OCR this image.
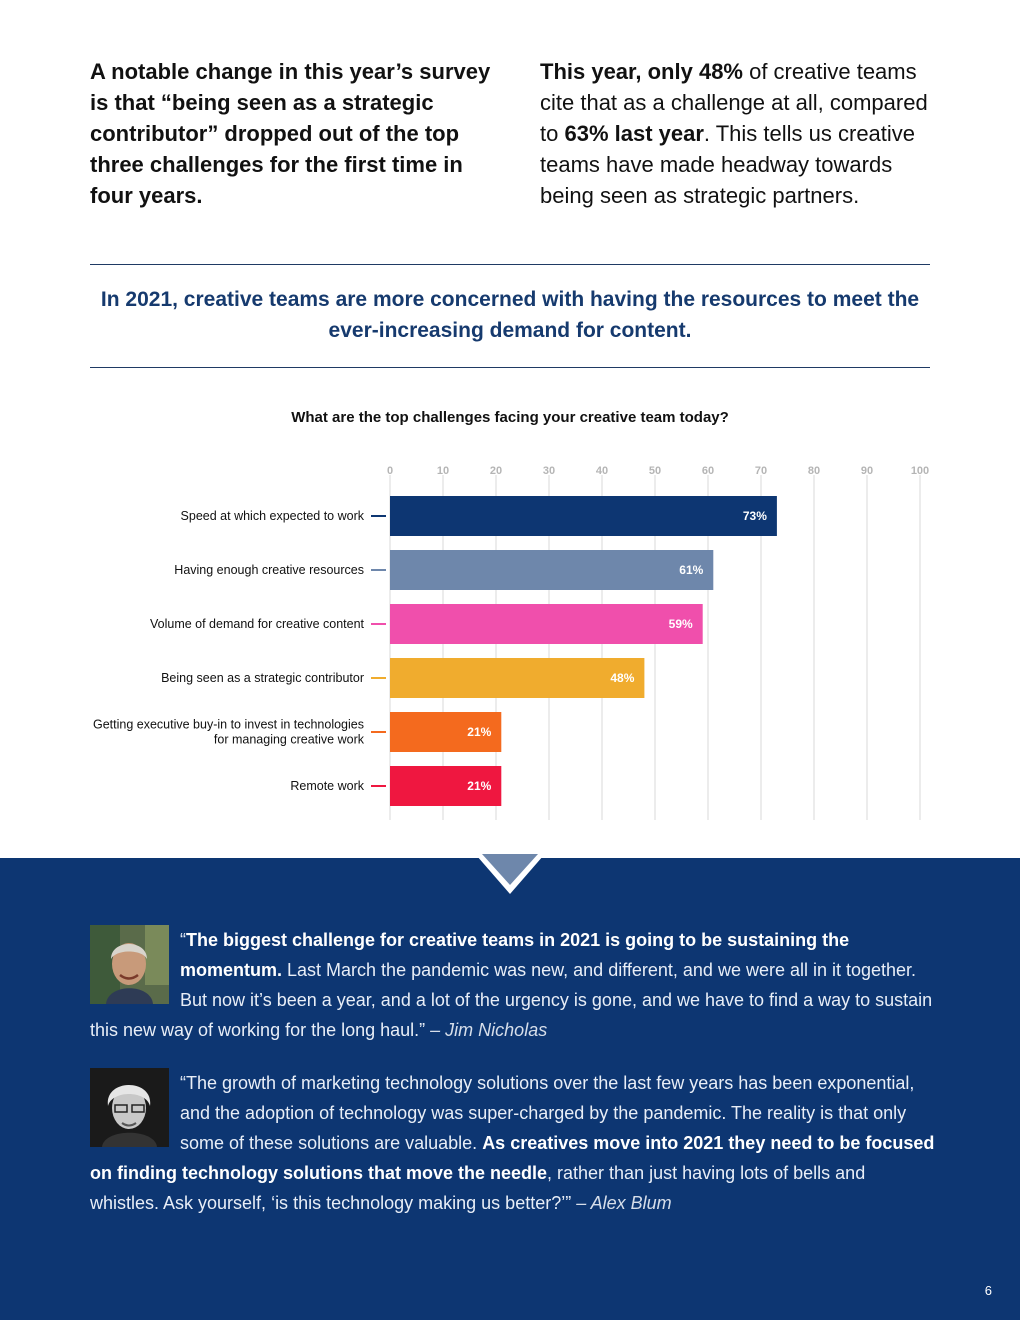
A notable change in this year’s survey is that “being seen as a strategic contributor” dropped out of the top three challenges for the first time in four years.
This year, only 48% of creative teams cite that as a challenge at all, compared to 63% last year. This tells us creative teams have made headway towards being seen as strategic partners.
In 2021, creative teams are more concerned with having the resources to meet the ever-increasing demand for content.
What are the top challenges facing your creative team today?
0	10	20	30	40	50	60	70	80	90	100
73%
Speed at which expected to work
61%
Having enough creative resources
59%
Volume of demand for creative content
48%
Being seen as a strategic contributor
21%
Getting executive buy-in to invest in technologies for managing creative work
21%
Remote work
“The biggest challenge for creative teams in 2021 is going to be sustaining the momentum. Last March the pandemic was new, and different, and we were all in it together. But now it’s been a year, and a lot of the urgency is gone, and we have to find a way to sustain this new way of working for the long haul.” – Jim Nicholas
“The growth of marketing technology solutions over the last few years has been exponential, and the adoption of technology was super-charged by the pandemic. The reality is that only some of these solutions are valuable. As creatives move into 2021 they need to be focused on finding technology solutions that move the needle, rather than just having lots of bells and whistles. Ask yourself, ‘is this technology making us better?’” – Alex Blum
6
